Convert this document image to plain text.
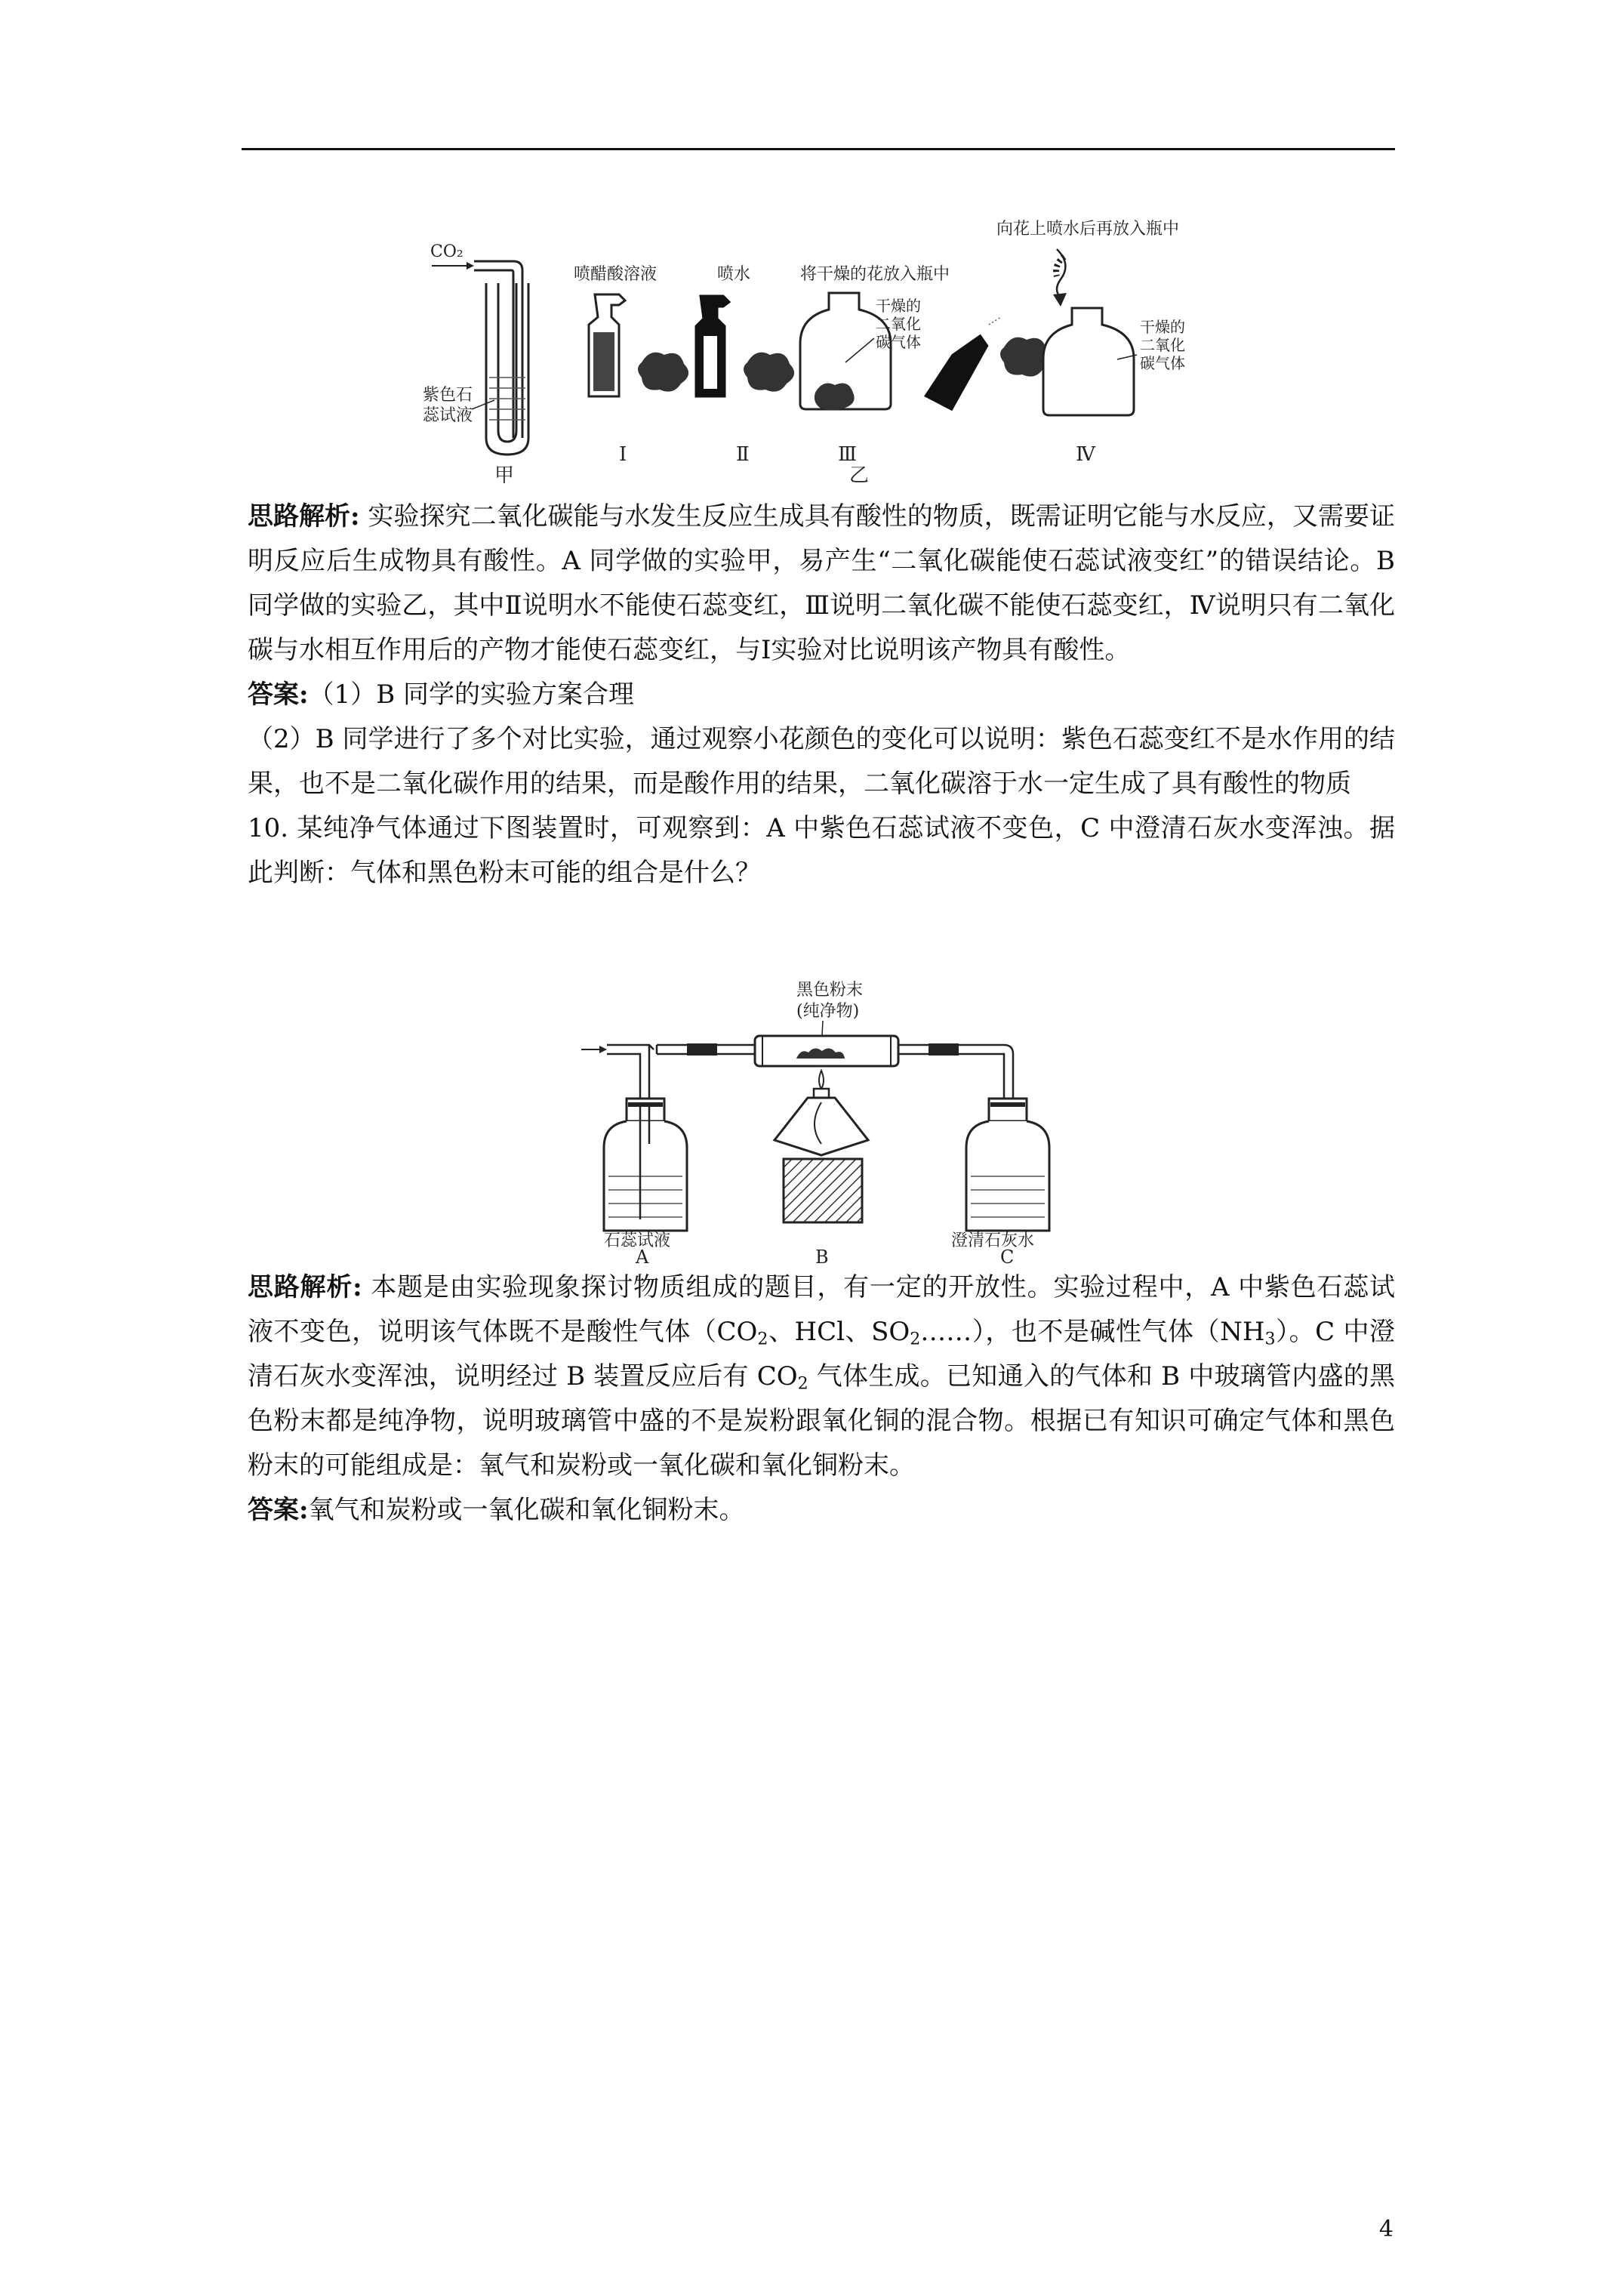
CO₂
紫色石
蕊试液
甲
喷醋酸溶液
Ⅰ
喷水
Ⅱ
将干燥的花放入瓶中
干燥的
二氧化
碳气体
Ⅲ
向花上喷水后再放入瓶中
干燥的
二氧化
碳气体
Ⅳ
乙

思路解析: 实验探究二氧化碳能与水发生反应生成具有酸性的物质，既需证明它能与水反应，又需要证明反应后生成物具有酸性。A 同学做的实验甲，易产生“二氧化碳能使石蕊试液变红”的错误结论。B 同学做的实验乙，其中Ⅱ说明水不能使石蕊变红，Ⅲ说明二氧化碳不能使石蕊变红，Ⅳ说明只有二氧化碳与水相互作用后的产物才能使石蕊变红，与Ⅰ实验对比说明该产物具有酸性。

答案:（1）B 同学的实验方案合理

（2）B 同学进行了多个对比实验，通过观察小花颜色的变化可以说明：紫色石蕊变红不是水作用的结果，也不是二氧化碳作用的结果，而是酸作用的结果，二氧化碳溶于水一定生成了具有酸性的物质

10. 某纯净气体通过下图装置时，可观察到：A 中紫色石蕊试液不变色，C 中澄清石灰水变浑浊。据此判断：气体和黑色粉末可能的组合是什么？

黑色粉末
(纯净物)
石蕊试液	澄清石灰水
A	B	C

思路解析: 本题是由实验现象探讨物质组成的题目，有一定的开放性。实验过程中，A 中紫色石蕊试液不变色，说明该气体既不是酸性气体（$CO_2$、HCl、$SO_2\dots\dots$），也不是碱性气体$(NH_3)$。C 中澄清石灰水变浑浊，说明经过 B 装置反应后有 $CO_2$ 气体生成。已知通入的气体和 B 中玻璃管内盛的黑色粉末都是纯净物，说明玻璃管中盛的不是炭粉跟氧化铜的混合物。根据已有知识可确定气体和黑色粉末的可能组成是：氧气和炭粉或一氧化碳和氧化铜粉末。

答案:氧气和炭粉或一氧化碳和氧化铜粉末。

4
